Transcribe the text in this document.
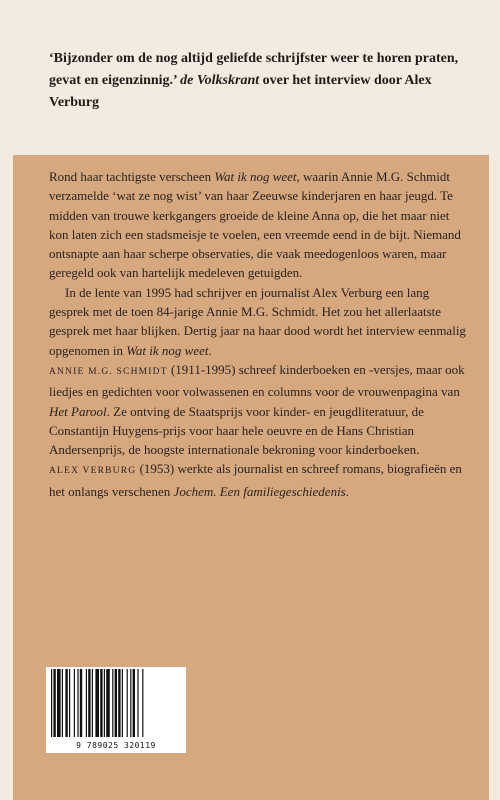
‘Bijzonder om de nog altijd geliefde schrijfster weer te horen praten, gevat en eigenzinnig.’ de Volkskrant over het interview door Alex Verburg

Rond haar tachtigste verscheen Wat ik nog weet, waarin Annie M.G. Schmidt verzamelde ‘wat ze nog wist’ van haar Zeeuwse kinderjaren en haar jeugd. Te midden van trouwe kerkgangers groeide de kleine Anna op, die het maar niet kon laten zich een stadsmeisje te voelen, een vreemde eend in de bijt. Niemand ontsnapte aan haar scherpe observaties, die vaak meedogenloos waren, maar geregeld ook van hartelijk medeleven getuigden.

In de lente van 1995 had schrijver en journalist Alex Verburg een lang gesprek met de toen 84-jarige Annie M.G. Schmidt. Het zou het allerlaatste gesprek met haar blijken. Dertig jaar na haar dood wordt het interview eenmalig opgenomen in Wat ik nog weet.

ANNIE M.G. SCHMIDT (1911-1995) schreef kinderboeken en -versjes, maar ook liedjes en gedichten voor volwassenen en columns voor de vrouwenpagina van Het Parool. Ze ontving de Staatsprijs voor kinder- en jeugdliteratuur, de Constantijn Huygens-prijs voor haar hele oeuvre en de Hans Christian Andersenprijs, de hoogste internationale bekroning voor kinderboeken.

ALEX VERBURG (1953) werkte als journalist en schreef romans, biografieën en het onlangs verschenen Jochem. Een familiegeschiedenis.

9 789025 320119
